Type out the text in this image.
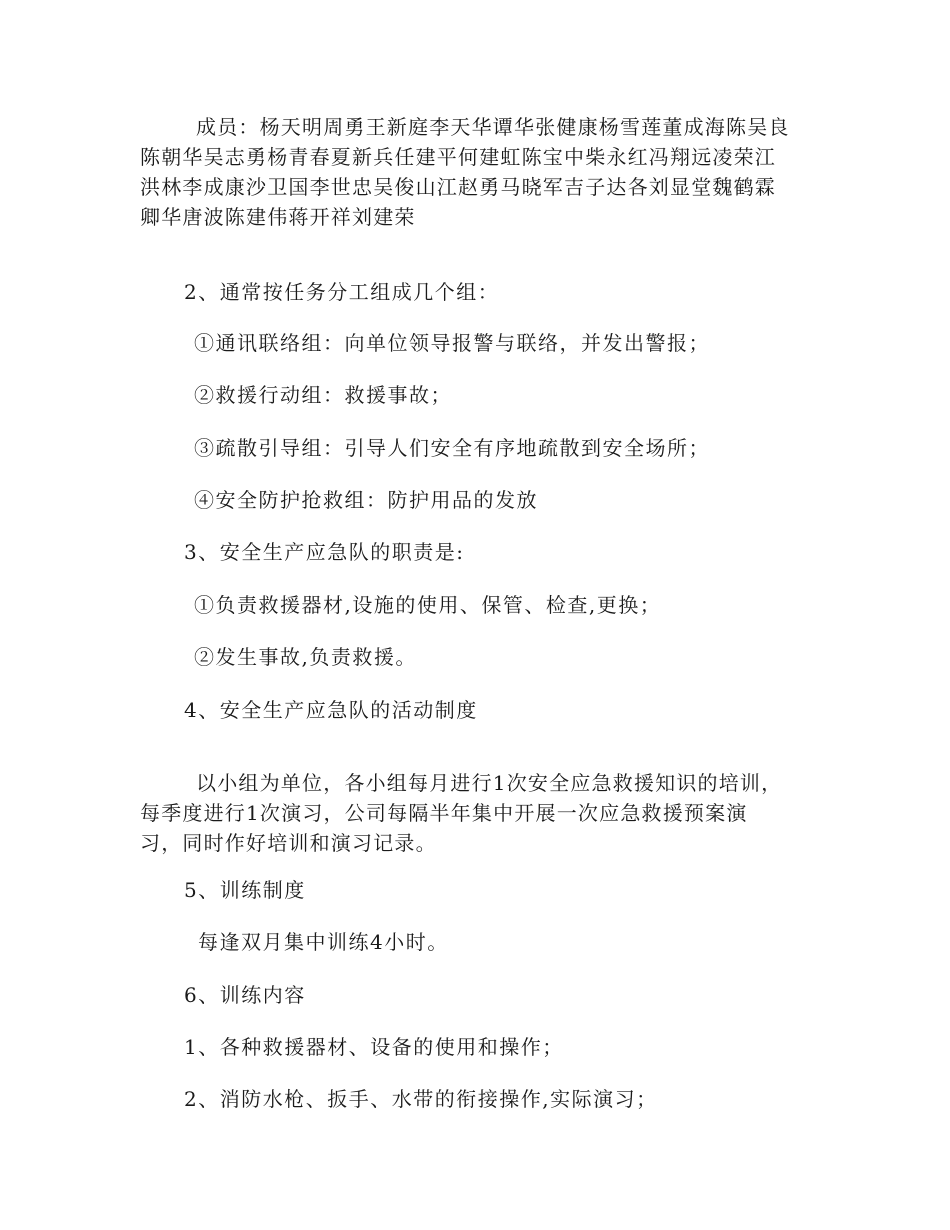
成员：杨天明周勇王新庭李天华谭华张健康杨雪莲董成海陈吴良
陈朝华吴志勇杨青春夏新兵任建平何建虹陈宝中柴永红冯翔远凌荣江
洪林李成康沙卫国李世忠吴俊山江赵勇马晓军吉子达各刘显堂魏鹤霖
卿华唐波陈建伟蒋开祥刘建荣
2、通常按任务分工组成几个组：
①通讯联络组：向单位领导报警与联络，并发出警报；
②救援行动组：救援事故；
③疏散引导组：引导人们安全有序地疏散到安全场所；
④安全防护抢救组：防护用品的发放
3、安全生产应急队的职责是:
①负责救援器材,设施的使用、保管、检查,更换；
②发生事故,负责救援。
4、安全生产应急队的活动制度
以小组为单位，各小组每月进行1次安全应急救援知识的培训，
每季度进行1次演习，公司每隔半年集中开展一次应急救援预案演
习，同时作好培训和演习记录。
5、训练制度
每逢双月集中训练4小时。
6、训练内容
1、各种救援器材、设备的使用和操作；
2、消防水枪、扳手、水带的衔接操作,实际演习；
